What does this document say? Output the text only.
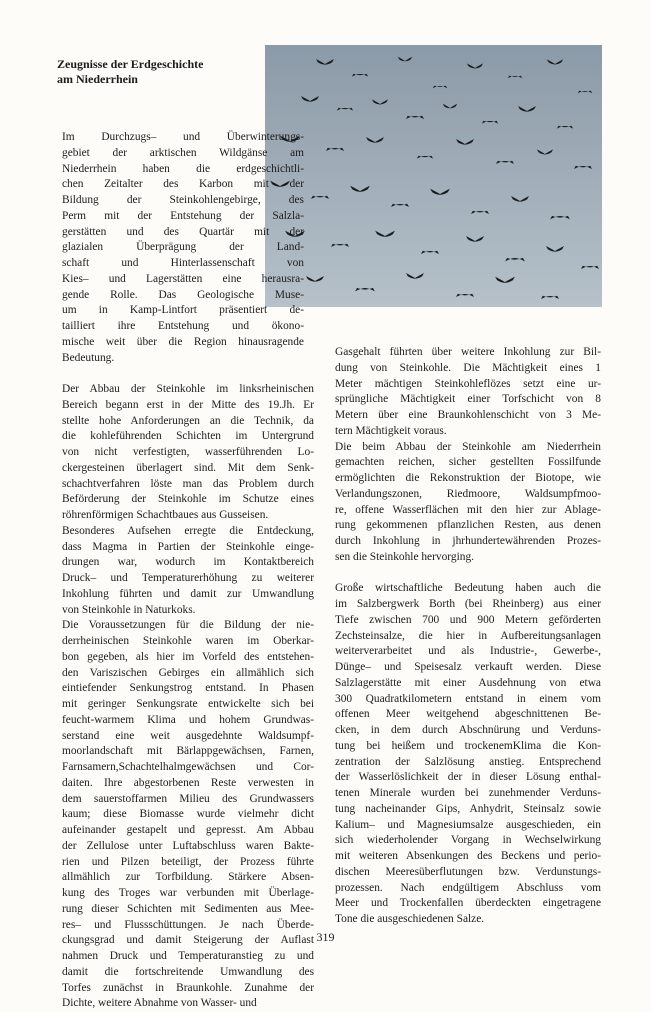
Zeugnisse der Erdgeschichte
am Niederrhein

Im Durchzugs– und Überwinterungs-
gebiet der arktischen Wildgänse am
Niederrhein haben die erdgeschichtli-
chen Zeitalter des Karbon mit der
Bildung der Steinkohlengebirge, des
Perm mit der Entstehung der Salzla-
gerstätten und des Quartär mit der
glazialen Überprägung der Land-
schaft und Hinterlassenschaft von
Kies– und Lagerstätten eine herausra-
gende Rolle. Das Geologische Muse-
um in Kamp-Lintfort präsentiert de-
tailliert ihre Entstehung und ökono-
mische weit über die Region hinausragende
Bedeutung.

Der Abbau der Steinkohle im linksrheinischen
Bereich begann erst in der Mitte des 19.Jh. Er
stellte hohe Anforderungen an die Technik, da
die kohleführenden Schichten im Untergrund
von nicht verfestigten, wasserführenden Lo-
ckergesteinen überlagert sind. Mit dem Senk-
schachtverfahren löste man das Problem durch
Beförderung der Steinkohle im Schutze eines
röhrenförmigen Schachtbaues aus Gusseisen.

Besonderes Aufsehen erregte die Entdeckung,
dass Magma in Partien der Steinkohle einge-
drungen war, wodurch im Kontaktbereich
Druck– und Temperaturerhöhung zu weiterer
Inkohlung führten und damit zur Umwandlung
von Steinkohle in Naturkoks.

Die Voraussetzungen für die Bildung der nie-
derrheinischen Steinkohle waren im Oberkar-
bon gegeben, als hier im Vorfeld des entstehen-
den Variszischen Gebirges ein allmählich sich
eintiefender Senkungstrog entstand. In Phasen
mit geringer Senkungsrate entwickelte sich bei
feucht-warmem Klima und hohem Grundwas-
serstand eine weit ausgedehnte Waldsumpf-
moorlandschaft mit Bärlappgewächsen, Farnen,
Farnsamern,Schachtelhalmgewächsen und Cor-
daiten. Ihre abgestorbenen Reste verwesten in
dem sauerstoffarmen Milieu des Grundwassers
kaum; diese Biomasse wurde vielmehr dicht
aufeinander gestapelt und gepresst. Am Abbau
der Zellulose unter Luftabschluss waren Bakte-
rien und Pilzen beteiligt, der Prozess führte
allmählich zur Torfbildung. Stärkere Absen-
kung des Troges war verbunden mit Überlage-
rung dieser Schichten mit Sedimenten aus Mee-
res– und Flussschüttungen. Je nach Überde-
ckungsgrad und damit Steigerung der Auflast
nahmen Druck und Temperaturanstieg zu und
damit die fortschreitende Umwandlung des
Torfes zunächst in Braunkohle. Zunahme der
Dichte, weitere Abnahme von Wasser- und

Gasgehalt führten über weitere Inkohlung zur Bil-
dung von Steinkohle. Die Mächtigkeit eines 1
Meter mächtigen Steinkohleflözes setzt eine ur-
sprüngliche Mächtigkeit einer Torfschicht von 8
Metern über eine Braunkohlenschicht von 3 Me-
tern Mächtigkeit voraus.

Die beim Abbau der Steinkohle am Niederrhein
gemachten reichen, sicher gestellten Fossilfunde
ermöglichten die Rekonstruktion der Biotope, wie
Verlandungszonen, Riedmoore, Waldsumpfmoo-
re, offene Wasserflächen mit den hier zur Ablage-
rung gekommenen pflanzlichen Resten, aus denen
durch Inkohlung in jhrhundertewährenden Prozes-
sen die Steinkohle hervorging.

Große wirtschaftliche Bedeutung haben auch die
im Salzbergwerk Borth (bei Rheinberg) aus einer
Tiefe zwischen 700 und 900 Metern geförderten
Zechsteinsalze, die hier in Aufbereitungsanlagen
weiterverarbeitet und als Industrie-, Gewerbe-,
Dünge– und Speisesalz verkauft werden. Diese
Salzlagerstätte mit einer Ausdehnung von etwa
300 Quadratkilometern entstand in einem vom
offenen Meer weitgehend abgeschnittenen Be-
cken, in dem durch Abschnürung und Verduns-
tung bei heißem und trockenemKlima die Kon-
zentration der Salzlösung anstieg. Entsprechend
der Wasserlöslichkeit der in dieser Lösung enthal-
tenen Minerale wurden bei zunehmender Verduns-
tung nacheinander Gips, Anhydrit, Steinsalz sowie
Kalium– und Magnesiumsalze ausgeschieden, ein
sich wiederholender Vorgang in Wechselwirkung
mit weiteren Absenkungen des Beckens und perio-
dischen Meeresüberflutungen bzw. Verdunstungs-
prozessen. Nach endgültigem Abschluss vom
Meer und Trockenfallen überdeckten eingetragene
Tone die ausgeschiedenen Salze.

319
